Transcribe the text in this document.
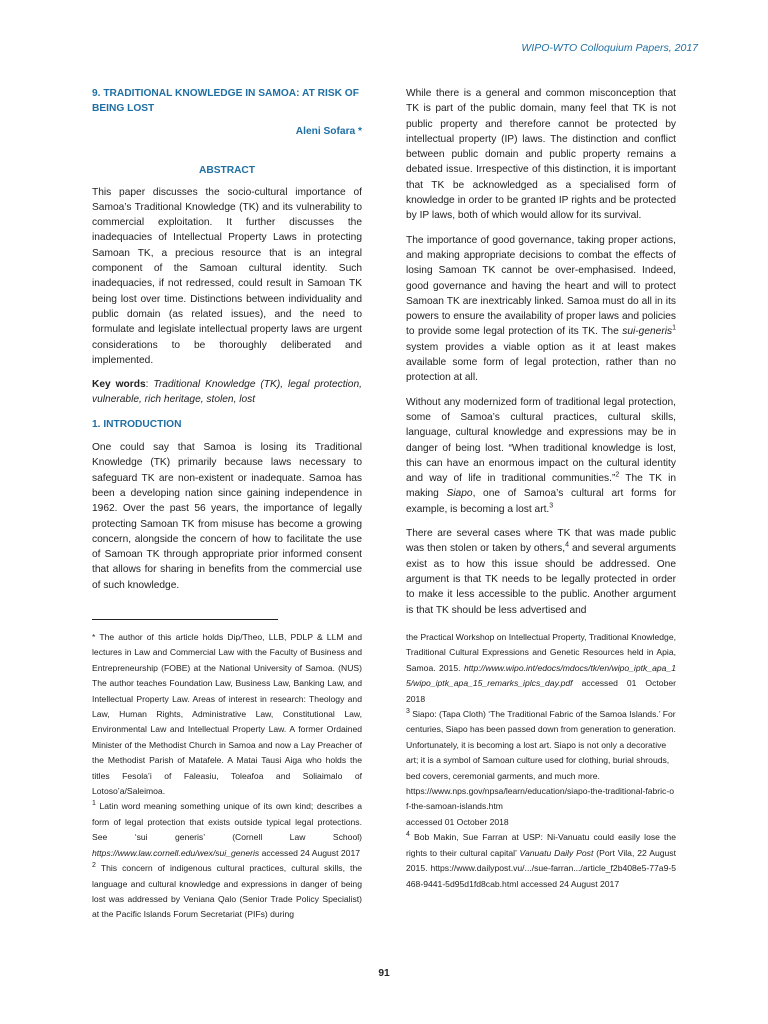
WIPO-WTO Colloquium Papers, 2017
9. TRADITIONAL KNOWLEDGE IN SAMOA: AT RISK OF BEING LOST
Aleni Sofara *
ABSTRACT

This paper discusses the socio-cultural importance of Samoa’s Traditional Knowledge (TK) and its vulnerability to commercial exploitation. It further discusses the inadequacies of Intellectual Property Laws in protecting Samoan TK, a precious resource that is an integral component of the Samoan cultural identity. Such inadequacies, if not redressed, could result in Samoan TK being lost over time. Distinctions between individuality and public domain (as related issues), and the need to formulate and legislate intellectual property laws are urgent considerations to be thoroughly deliberated and implemented.

Key words: Traditional Knowledge (TK), legal protection, vulnerable, rich heritage, stolen, lost

1. INTRODUCTION

One could say that Samoa is losing its Traditional Knowledge (TK) primarily because laws necessary to safeguard TK are non-existent or inadequate. Samoa has been a developing nation since gaining independence in 1962. Over the past 56 years, the importance of legally protecting Samoan TK from misuse has become a growing concern, alongside the concern of how to facilitate the use of Samoan TK through appropriate prior informed consent that allows for sharing in benefits from the commercial use of such knowledge.

While there is a general and common misconception that TK is part of the public domain, many feel that TK is not public property and therefore cannot be protected by intellectual property (IP) laws. The distinction and conflict between public domain and public property remains a debated issue. Irrespective of this distinction, it is important that TK be acknowledged as a specialised form of knowledge in order to be granted IP rights and be protected by IP laws, both of which would allow for its survival.

The importance of good governance, taking proper actions, and making appropriate decisions to combat the effects of losing Samoan TK cannot be over-emphasised. Indeed, good governance and having the heart and will to protect Samoan TK are inextricably linked. Samoa must do all in its powers to ensure the availability of proper laws and policies to provide some legal protection of its TK. The sui-generis$^1$ system provides a viable option as it at least makes available some form of legal protection, rather than no protection at all.

Without any modernized form of traditional legal protection, some of Samoa’s cultural practices, cultural skills, language, cultural knowledge and expressions may be in danger of being lost. “When traditional knowledge is lost, this can have an enormous impact on the cultural identity and way of life in traditional communities.”$^2$ The TK in making Siapo, one of Samoa’s cultural art forms for example, is becoming a lost art.$^3$

There are several cases where TK that was made public was then stolen or taken by others,$^4$ and several arguments exist as to how this issue should be addressed. One argument is that TK needs to be legally protected in order to make it less accessible to the public. Another argument is that TK should be less advertised and

* The author of this article holds Dip/Theo, LLB, PDLP & LLM and lectures in Law and Commercial Law with the Faculty of Business and Entrepreneurship (FOBE) at the National University of Samoa. (NUS) The author teaches Foundation Law, Business Law, Banking Law, and Intellectual Property Law. Areas of interest in research: Theology and Law, Human Rights, Administrative Law, Constitutional Law, Environmental Law and Intellectual Property Law. A former Ordained Minister of the Methodist Church in Samoa and now a Lay Preacher of the Methodist Parish of Matafele. A Matai Tausi Aiga who holds the titles Fesola’i of Faleasiu, Toleafoa and Soliaimalo of Lotoso’a/Saleimoa.

$^1$ Latin word meaning something unique of its own kind; describes a form of legal protection that exists outside typical legal protections. See ‘sui generis’ (Cornell Law School) https://www.law.cornell.edu/wex/sui_generis accessed 24 August 2017

$^2$ This concern of indigenous cultural practices, cultural skills, the language and cultural knowledge and expressions in danger of being lost was addressed by Veniana Qalo (Senior Trade Policy Specialist) at the Pacific Islands Forum Secretariat (PIFs) during

the Practical Workshop on Intellectual Property, Traditional Knowledge, Traditional Cultural Expressions and Genetic Resources held in Apia, Samoa. 2015. http://www.wipo.int/edocs/mdocs/tk/en/wipo_iptk_apa_15/wipo_iptk_apa_15_remarks_iplcs_day.pdf accessed 01 October 2018

$^3$ Siapo: (Tapa Cloth) ‘The Traditional Fabric of the Samoa Islands.’ For centuries, Siapo has been passed down from generation to generation. Unfortunately, it is becoming a lost art. Siapo is not only a decorative art; it is a symbol of Samoan culture used for clothing, burial shrouds, bed covers, ceremonial garments, and much more.
https://www.nps.gov/npsa/learn/education/siapo-the-traditional-fabric-of-the-samoan-islands.htm
accessed 01 October 2018

$^4$ Bob Makin, Sue Farran at USP: Ni-Vanuatu could easily lose the rights to their cultural capital’ Vanuatu Daily Post (Port Vila, 22 August 2015. https://www.dailypost.vu/.../sue-farran.../article_f2b408e5-77a9-5468-9441-5d95d1fd8cab.html accessed 24 August 2017

91
